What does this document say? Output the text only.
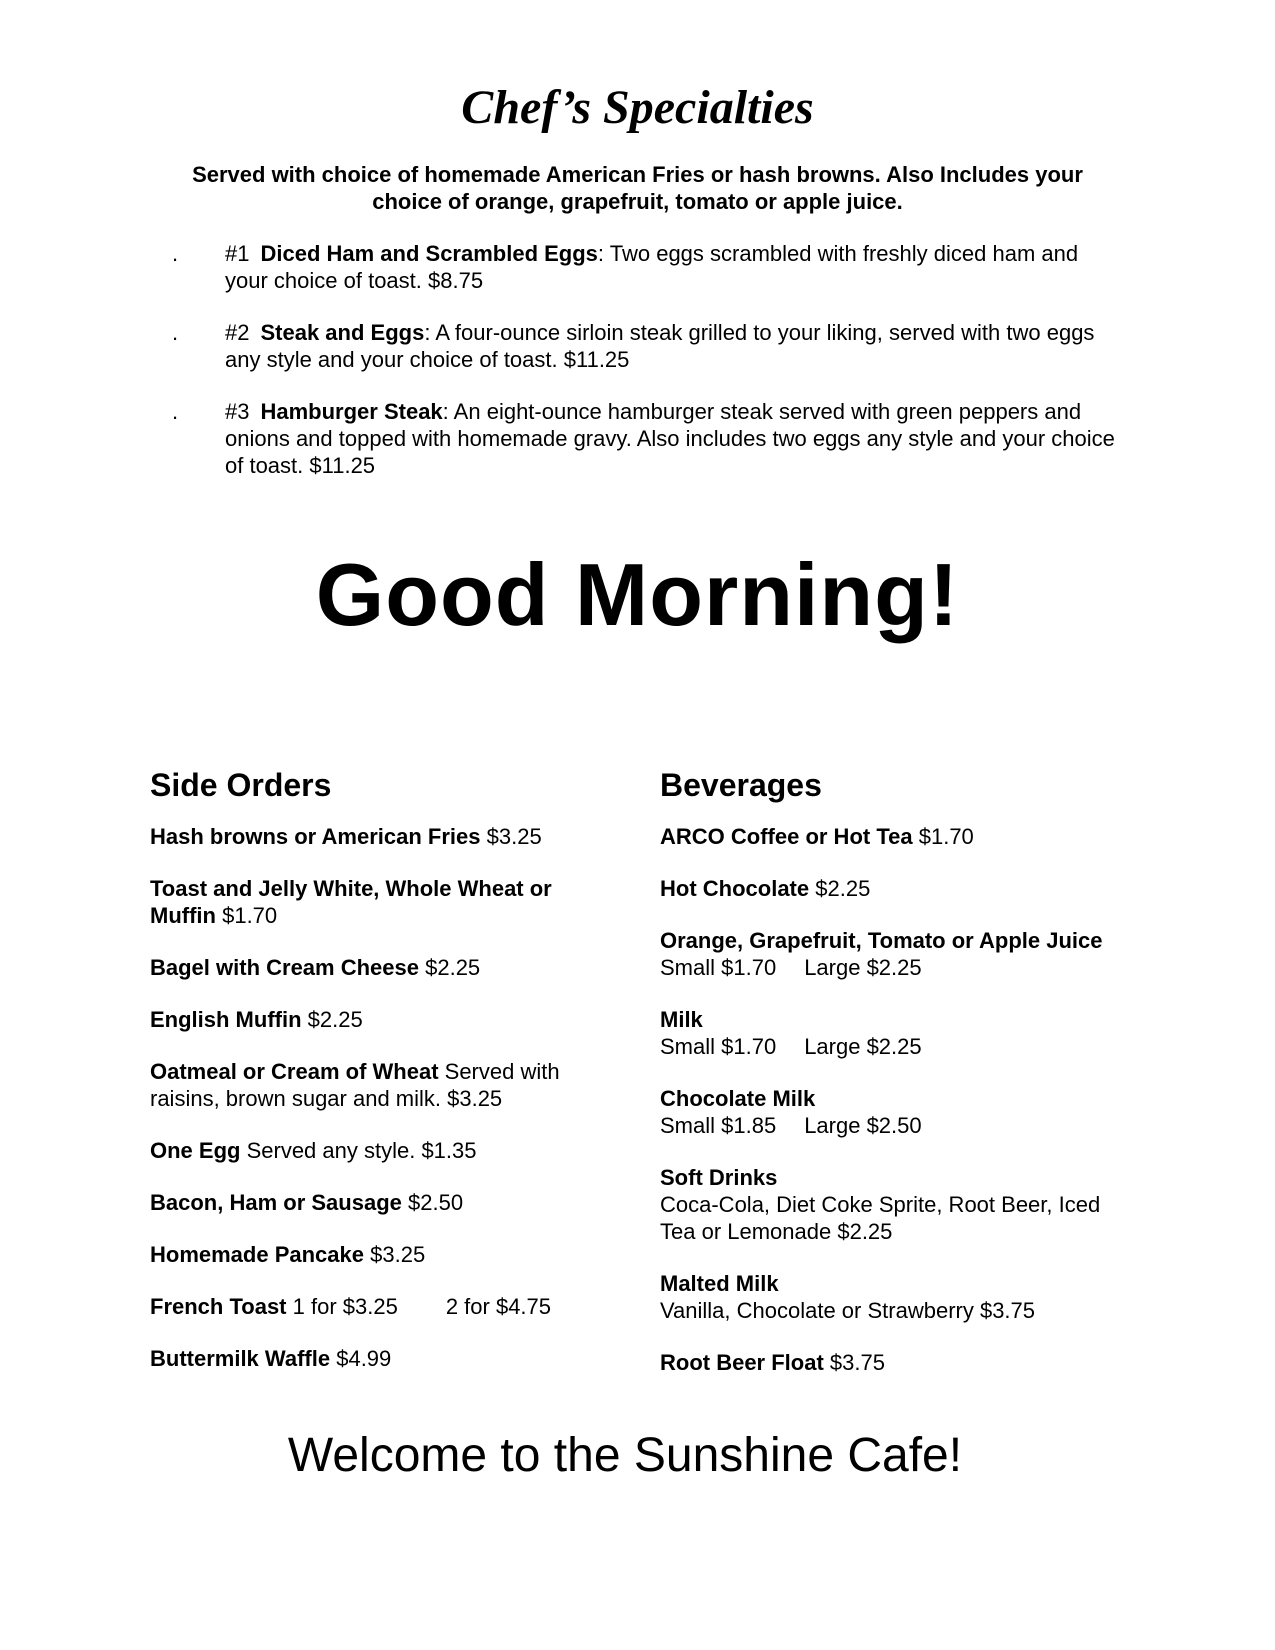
Chef’s Specialties

Served with choice of homemade American Fries or hash browns. Also Includes your choice of orange, grapefruit, tomato or apple juice.

. #1 Diced Ham and Scrambled Eggs: Two eggs scrambled with freshly diced ham and your choice of toast. $8.75
. #2 Steak and Eggs: A four-ounce sirloin steak grilled to your liking, served with two eggs any style and your choice of toast. $11.25
. #3 Hamburger Steak: An eight-ounce hamburger steak served with green peppers and onions and topped with homemade gravy. Also includes two eggs any style and your choice of toast. $11.25
Good Morning!
Side Orders

Hash browns or American Fries $3.25

Toast and Jelly White, Whole Wheat or Muffin $1.70

Bagel with Cream Cheese $2.25

English Muffin $2.25

Oatmeal or Cream of Wheat Served with raisins, brown sugar and milk. $3.25

One Egg Served any style. $1.35

Bacon, Ham or Sausage $2.50

Homemade Pancake $3.25

French Toast 1 for $3.25 2 for $4.75

Buttermilk Waffle $4.99

Beverages

ARCO Coffee or Hot Tea $1.70

Hot Chocolate $2.25

Orange, Grapefruit, Tomato or Apple Juice
Small $1.70 Large $2.25

Milk
Small $1.70 Large $2.25

Chocolate Milk
Small $1.85 Large $2.50

Soft Drinks
Coca-Cola, Diet Coke Sprite, Root Beer, Iced Tea or Lemonade $2.25

Malted Milk
Vanilla, Chocolate or Strawberry $3.75

Root Beer Float $3.75

Welcome to the Sunshine Cafe!
